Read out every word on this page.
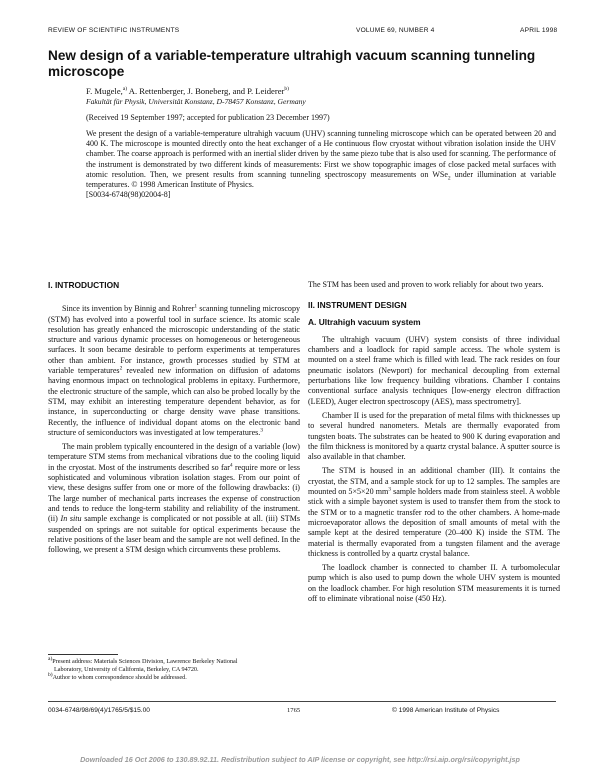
REVIEW OF SCIENTIFIC INSTRUMENTS	VOLUME 69, NUMBER 4	APRIL 1998
New design of a variable-temperature ultrahigh vacuum scanning tunneling microscope
F. Mugele,$^{a)}$ A. Rettenberger, J. Boneberg, and P. Leiderer$^{b)}$
Fakultät für Physik, Universität Konstanz, D-78457 Konstanz, Germany
(Received 19 September 1997; accepted for publication 23 December 1997)

We present the design of a variable-temperature ultrahigh vacuum (UHV) scanning tunneling microscope which can be operated between 20 and 400 K. The microscope is mounted directly onto the heat exchanger of a He continuous flow cryostat without vibration isolation inside the UHV chamber. The coarse approach is performed with an inertial slider driven by the same piezo tube that is also used for scanning. The performance of the instrument is demonstrated by two different kinds of measurements: First we show topographic images of close packed metal surfaces with atomic resolution. Then, we present results from scanning tunneling spectroscopy measurements on WSe$_2$ under illumination at variable temperatures. © 1998 American Institute of Physics.
[S0034-6748(98)02004-8]

I. INTRODUCTION

Since its invention by Binnig and Rohrer$^1$ scanning tunneling microscopy (STM) has evolved into a powerful tool in surface science. Its atomic scale resolution has greatly enhanced the microscopic understanding of the static structure and various dynamic processes on homogeneous or heterogeneous surfaces. It soon became desirable to perform experiments at temperatures other than ambient. For instance, growth processes studied by STM at variable temperatures$^2$ revealed new information on diffusion of adatoms having enormous impact on technological problems in epitaxy. Furthermore, the electronic structure of the sample, which can also be probed locally by the STM, may exhibit an interesting temperature dependent behavior, as for instance, in superconducting or charge density wave phase transitions. Recently, the influence of individual dopant atoms on the electronic band structure of semiconductors was investigated at low temperatures.$^3$

The main problem typically encountered in the design of a variable (low) temperature STM stems from mechanical vibrations due to the cooling liquid in the cryostat. Most of the instruments described so far$^4$ require more or less sophisticated and voluminous vibration isolation stages. From our point of view, these designs suffer from one or more of the following drawbacks: (i) The large number of mechanical parts increases the expense of construction and tends to reduce the long-term stability and reliability of the instrument. (ii) In situ sample exchange is complicated or not possible at all. (iii) STMs suspended on springs are not suitable for optical experiments because the relative positions of the laser beam and the sample are not well defined. In the following, we present a STM design which circumvents these problems.

The STM has been used and proven to work reliably for about two years.

II. INSTRUMENT DESIGN
A. Ultrahigh vacuum system

The ultrahigh vacuum (UHV) system consists of three individual chambers and a loadlock for rapid sample access. The whole system is mounted on a steel frame which is filled with lead. The rack resides on four pneumatic isolators (Newport) for mechanical decoupling from external perturbations like low frequency building vibrations. Chamber I contains conventional surface analysis techniques [low-energy electron diffraction (LEED), Auger electron spectroscopy (AES), mass spectrometry].

Chamber II is used for the preparation of metal films with thicknesses up to several hundred nanometers. Metals are thermally evaporated from tungsten boats. The substrates can be heated to 900 K during evaporation and the film thickness is monitored by a quartz crystal balance. A sputter source is also available in that chamber.

The STM is housed in an additional chamber (III). It contains the cryostat, the STM, and a sample stock for up to 12 samples. The samples are mounted on 5×5×20 $mm^3$ sample holders made from stainless steel. A wobble stick with a simple bayonet system is used to transfer them from the stock to the STM or to a magnetic transfer rod to the other chambers. A home-made microevaporator allows the deposition of small amounts of metal with the sample kept at the desired temperature (20–400 K) inside the STM. The material is thermally evaporated from a tungsten filament and the average thickness is controlled by a quartz crystal balance.

The loadlock chamber is connected to chamber II. A turbomolecular pump which is also used to pump down the whole UHV system is mounted on the loadlock chamber. For high resolution STM measurements it is turned off to eliminate vibrational noise (450 Hz).

$^{a)}$Present address: Materials Sciences Division, Lawrence Berkeley National
Laboratory, University of California, Berkeley, CA 94720.
$^{b)}$Author to whom correspondence should be addressed.
0034-6748/98/69(4)/1765/5/$15.00	1765	© 1998 American Institute of Physics
Downloaded 16 Oct 2006 to 130.89.92.11. Redistribution subject to AIP license or copyright, see http://rsi.aip.org/rsi/copyright.jsp
